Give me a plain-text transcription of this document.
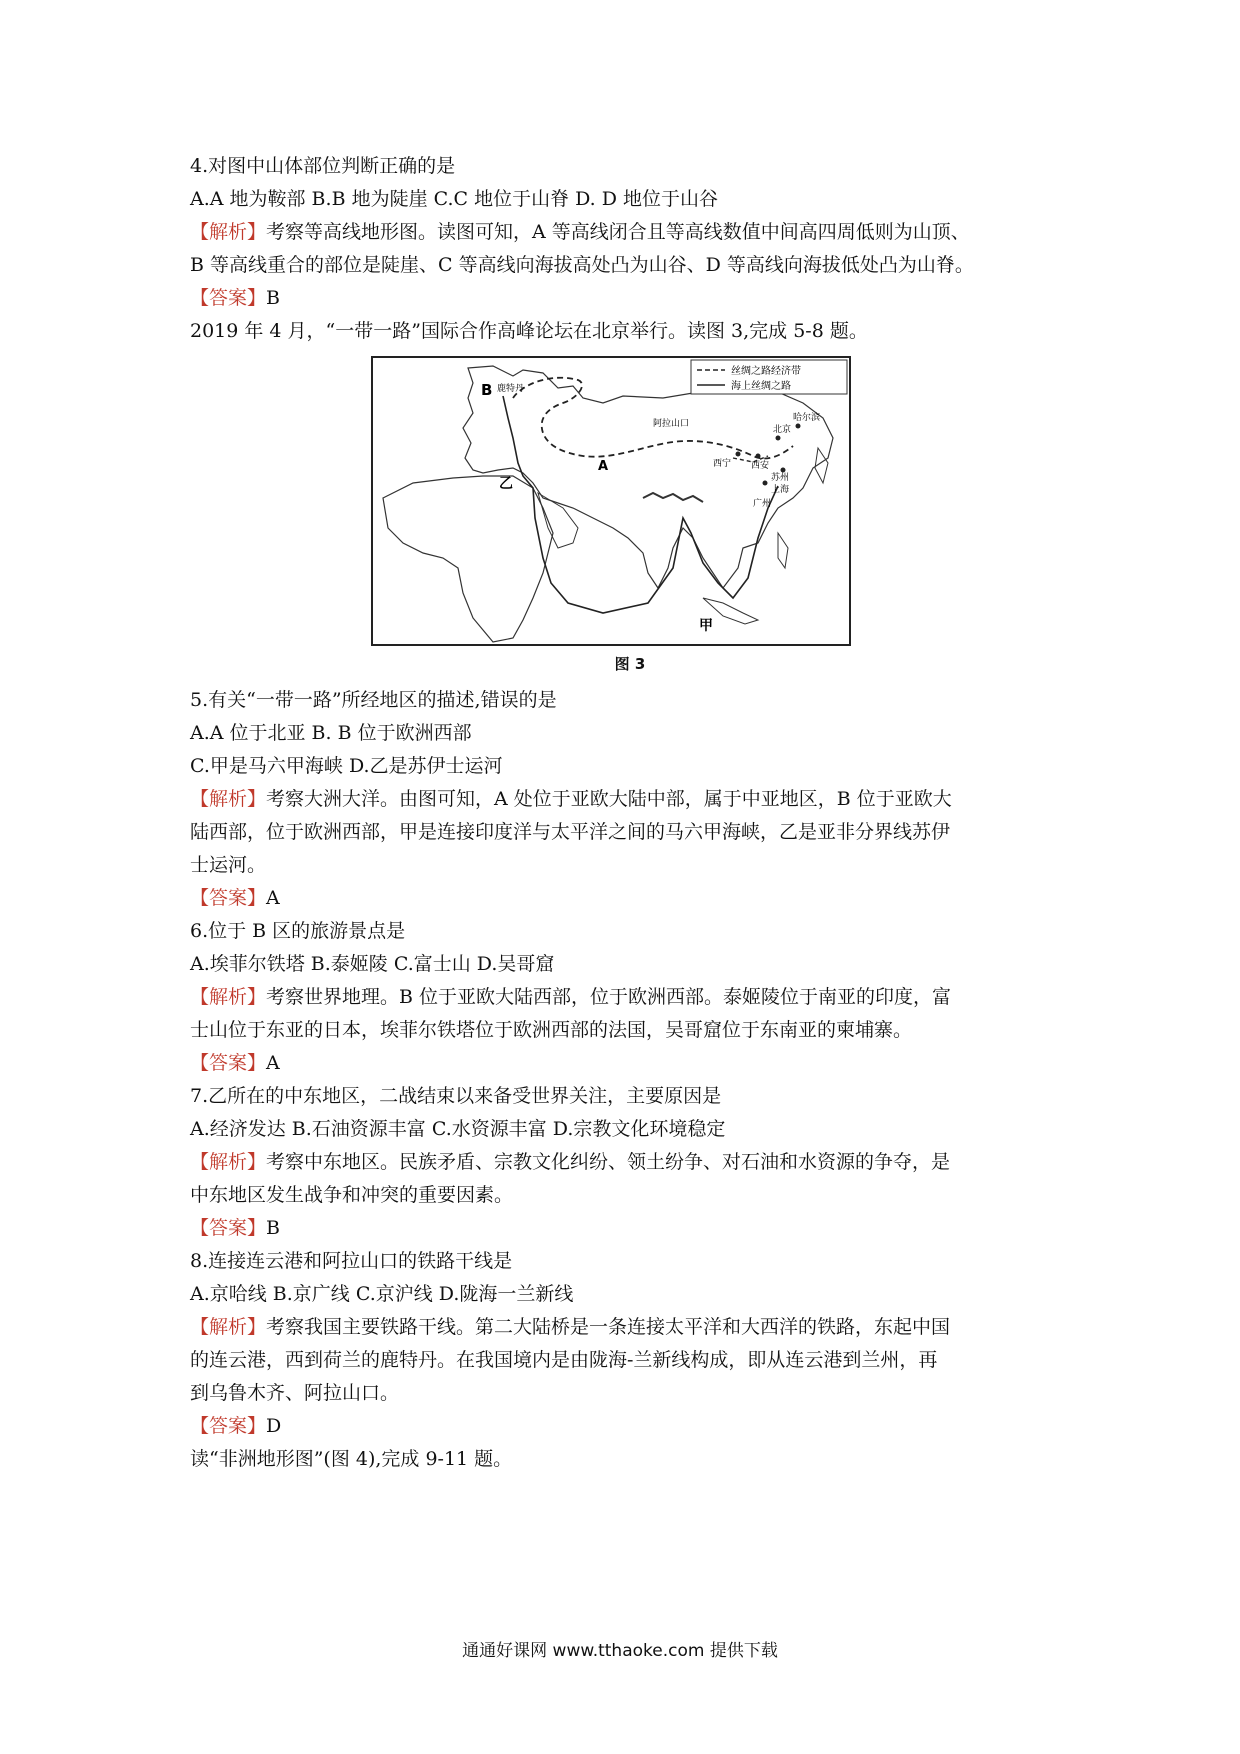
4.对图中山体部位判断正确的是

A.A 地为鞍部 B.B 地为陡崖 C.C 地位于山脊 D. D 地位于山谷

【解析】考察等高线地形图。读图可知，A 等高线闭合且等高线数值中间高四周低则为山顶、

B 等高线重合的部位是陡崖、C 等高线向海拔高处凸为山谷、D 等高线向海拔低处凸为山脊。

【答案】B

2019 年 4 月，“一带一路”国际合作高峰论坛在北京举行。读图 3,完成 5-8 题。

丝绸之路经济带
海上丝绸之路
B 鹿特丹
A
阿拉山口
北京
哈尔滨
西宁 西安
苏州
上海
广州
乙
甲

图 3

5.有关“一带一路”所经地区的描述,错误的是

A.A 位于北亚 B. B 位于欧洲西部

C.甲是马六甲海峡 D.乙是苏伊士运河

【解析】考察大洲大洋。由图可知，A 处位于亚欧大陆中部，属于中亚地区，B 位于亚欧大

陆西部，位于欧洲西部，甲是连接印度洋与太平洋之间的马六甲海峡，乙是亚非分界线苏伊

士运河。

【答案】A

6.位于 B 区的旅游景点是

A.埃菲尔铁塔 B.泰姬陵 C.富士山 D.吴哥窟

【解析】考察世界地理。B 位于亚欧大陆西部，位于欧洲西部。泰姬陵位于南亚的印度，富

士山位于东亚的日本，埃菲尔铁塔位于欧洲西部的法国，吴哥窟位于东南亚的柬埔寨。

【答案】A

7.乙所在的中东地区，二战结束以来备受世界关注，主要原因是

A.经济发达 B.石油资源丰富 C.水资源丰富 D.宗教文化环境稳定

【解析】考察中东地区。民族矛盾、宗教文化纠纷、领土纷争、对石油和水资源的争夺，是

中东地区发生战争和冲突的重要因素。

【答案】B

8.连接连云港和阿拉山口的铁路干线是

A.京哈线 B.京广线 C.京沪线 D.陇海一兰新线

【解析】考察我国主要铁路干线。第二大陆桥是一条连接太平洋和大西洋的铁路，东起中国

的连云港，西到荷兰的鹿特丹。在我国境内是由陇海-兰新线构成，即从连云港到兰州，再

到乌鲁木齐、阿拉山口。

【答案】D

读“非洲地形图”(图 4),完成 9-11 题。

通通好课网 www.tthaoke.com 提供下载
